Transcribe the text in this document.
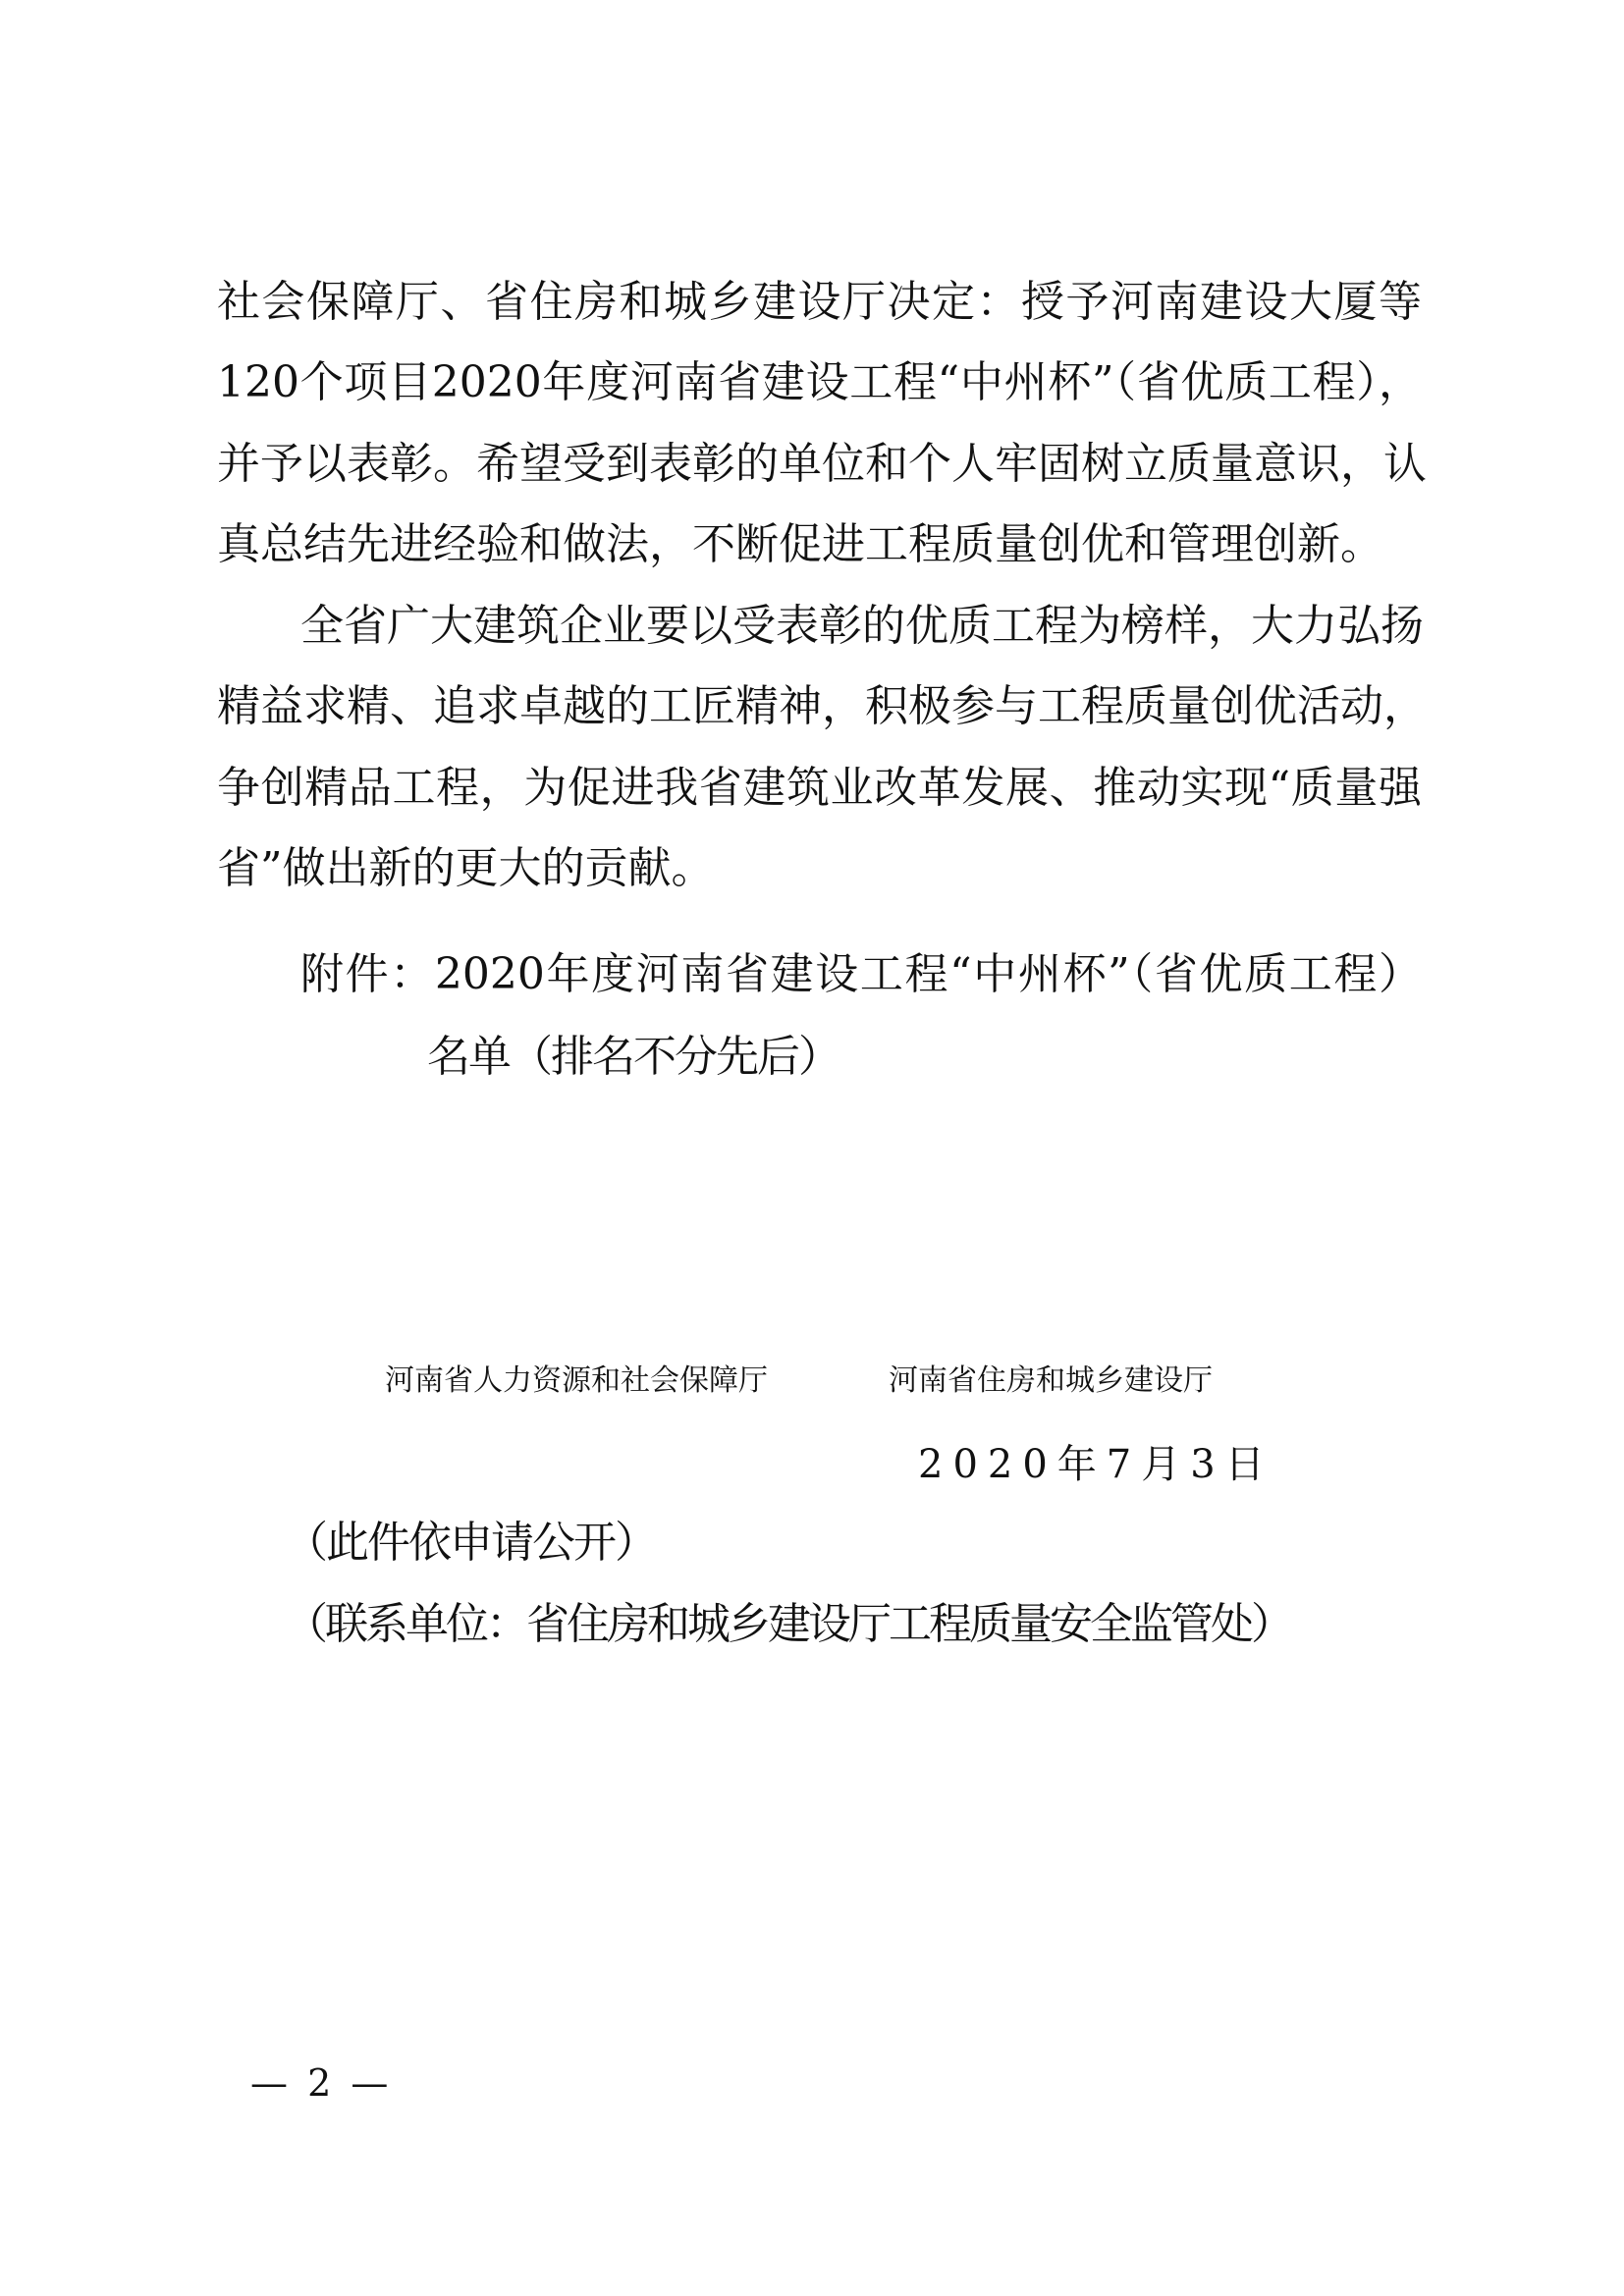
社会保障厅、省住房和城乡建设厅决定：授予河南建设大厦等
120个项目2020年度河南省建设工程“中州杯”（省优质工程），
并予以表彰。希望受到表彰的单位和个人牢固树立质量意识，认
真总结先进经验和做法，不断促进工程质量创优和管理创新。
全省广大建筑企业要以受表彰的优质工程为榜样，大力弘扬
精益求精、追求卓越的工匠精神，积极参与工程质量创优活动，
争创精品工程，为促进我省建筑业改革发展、推动实现“质量强
省”做出新的更大的贡献。
附件：2020年度河南省建设工程“中州杯”（省优质工程）
名单（排名不分先后）
河南省人力资源和社会保障厅	河南省住房和城乡建设厅
2020年7月3日
（此件依申请公开）
（联系单位：省住房和城乡建设厅工程质量安全监管处）
— 2 —
